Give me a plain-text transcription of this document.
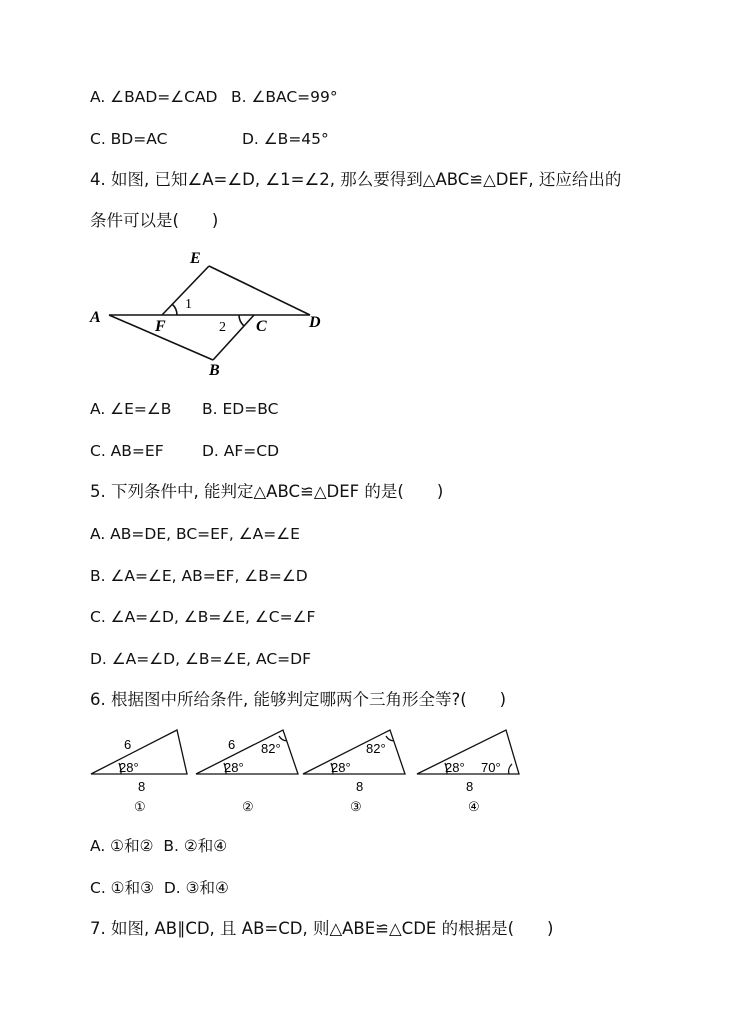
A. ∠BAD=∠CAD B. ∠BAC=99°
C. BD=AC	D. ∠B=45°
4. 如图, 已知∠A=∠D, ∠1=∠2, 那么要得到△ABC≌△DEF, 还应给出的
条件可以是(　　)
E
A
F	C	D
B
1
2
A. ∠E=∠B B. ED=BC
C. AB=EF D. AF=CD
5. 下列条件中, 能判定△ABC≌△DEF 的是(　　)
A. AB=DE, BC=EF, ∠A=∠E
B. ∠A=∠E, AB=EF, ∠B=∠D
C. ∠A=∠D, ∠B=∠E, ∠C=∠F
D. ∠A=∠D, ∠B=∠E, AC=DF
6. 根据图中所给条件, 能够判定哪两个三角形全等?(　　)
6
28°
8
①
6 82°
28°
②
82°
28°
8
③
28° 70°
8
④
A. ①和②  B. ②和④
C. ①和③  D. ③和④
7. 如图, AB∥CD, 且 AB=CD, 则△ABE≌△CDE 的根据是(　　)
